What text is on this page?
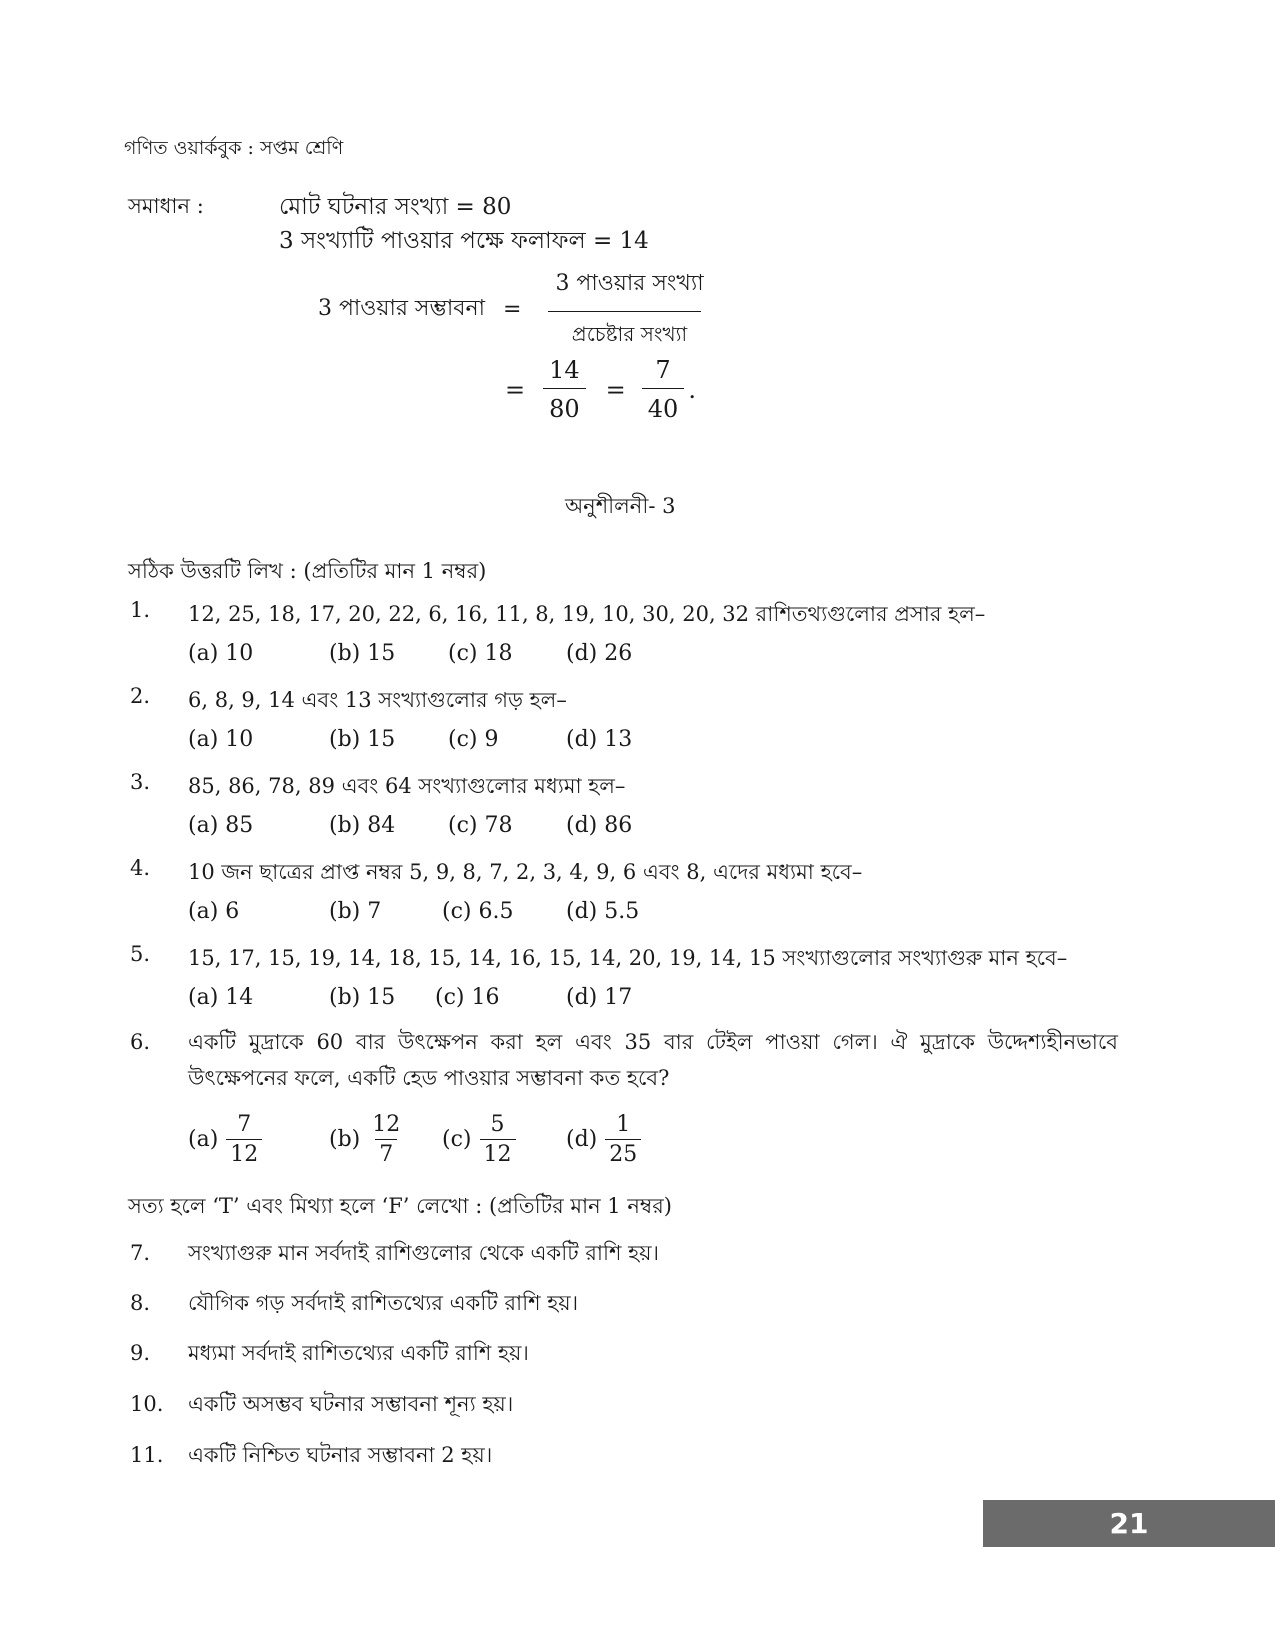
গণিত ওয়ার্কবুক : সপ্তম শ্রেণি
সমাধান :	মোট ঘটনার সংখ্যা = 80
3 সংখ্যাটি পাওয়ার পক্ষে ফলাফল = 14
3 পাওয়ার সম্ভাবনা = $\frac{\text{3 পাওয়ার সংখ্যা}}{\text{প্রচেষ্টার সংখ্যা}}$
= $\frac{14}{80} = \frac{7}{40}$ .
অনুশীলনী- 3
সঠিক উত্তরটি লিখ : (প্রতিটির মান 1 নম্বর)
1. 12, 25, 18, 17, 20, 22, 6, 16, 11, 8, 19, 10, 30, 20, 32 রাশিতথ্যগুলোর প্রসার হল–
(a) 10	(b) 15 (c) 18 (d) 26
2. 6, 8, 9, 14 এবং 13 সংখ্যাগুলোর গড় হল–
(a) 10	(b) 15 (c) 9	(d) 13
3. 85, 86, 78, 89 এবং 64 সংখ্যাগুলোর মধ্যমা হল–
(a) 85	(b) 84 (c) 78 (d) 86
4. 10 জন ছাত্রের প্রাপ্ত নম্বর 5, 9, 8, 7, 2, 3, 4, 9, 6 এবং 8, এদের মধ্যমা হবে–
(a) 6	(b) 7	(c) 6.5 (d) 5.5
5. 15, 17, 15, 19, 14, 18, 15, 14, 16, 15, 14, 20, 19, 14, 15 সংখ্যাগুলোর সংখ্যাগুরু মান হবে–
(a) 14	(b) 15 (c) 16	(d) 17
6. একটি মুদ্রাকে 60 বার উৎক্ষেপন করা হল এবং 35 বার টেইল পাওয়া গেল। ঐ মুদ্রাকে উদ্দেশ্যহীনভাবে
উৎক্ষেপনের ফলে, একটি হেড পাওয়ার সম্ভাবনা কত হবে?
$(a) \frac{7}{12}$	$(b) \frac{12}{7} (c) \frac{5}{12} (d) \frac{1}{25}$
সত্য হলে ‘T’ এবং মিথ্যা হলে ‘F’ লেখো : (প্রতিটির মান 1 নম্বর)
7. সংখ্যাগুরু মান সর্বদাই রাশিগুলোর থেকে একটি রাশি হয়।
8. যৌগিক গড় সর্বদাই রাশিতথ্যের একটি রাশি হয়।
9. মধ্যমা সর্বদাই রাশিতথ্যের একটি রাশি হয়।
10. একটি অসম্ভব ঘটনার সম্ভাবনা শূন্য হয়।
11. একটি নিশ্চিত ঘটনার সম্ভাবনা 2 হয়।
21
